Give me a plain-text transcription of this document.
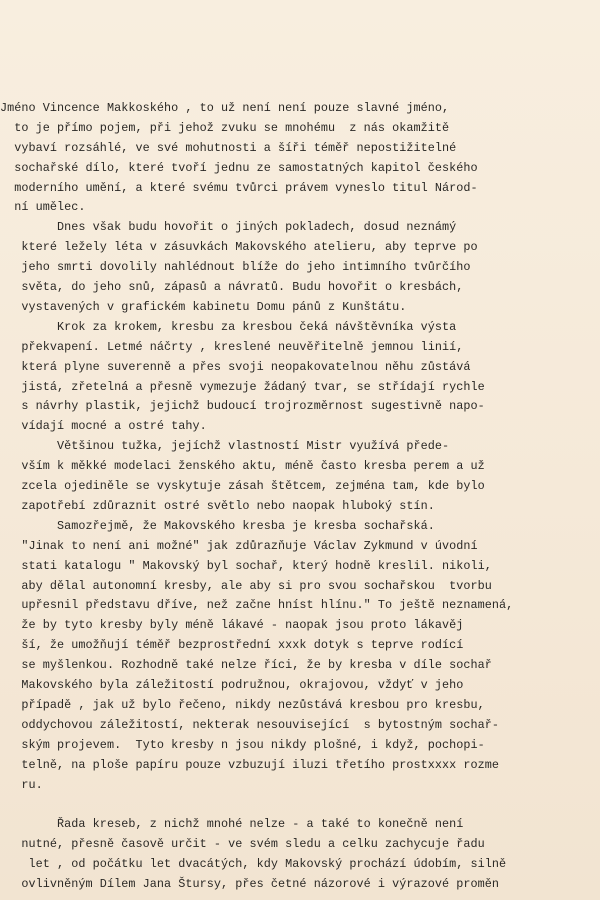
Jméno Vincence Makkoského , to už není není pouze slavné jméno,

to je přímo pojem, při jehož zvuku se mnohému  z nás okamžitě

vybaví rozsáhlé, ve své mohutnosti a šíři téměř nepostižitelné

sochařské dílo, které tvoří jednu ze samostatných kapitol českého

moderního umění, a které svému tvůrci právem vyneslo titul Národ-

ní umělec.

Dnes však budu hovořit o jiných pokladech, dosud neznámý

které ležely léta v zásuvkách Makovského atelieru, aby teprve po

jeho smrti dovolily nahlédnout blíže do jeho intimního tvůrčího

světa, do jeho snů, zápasů a návratů. Budu hovořit o kresbách,

vystavených v grafickém kabinetu Domu pánů z Kunštátu.

Krok za krokem, kresbu za kresbou čeká návštěvníka výsta

překvapení. Letmé náčrty , kreslené neuvěřitelně jemnou linií,

která plyne suverenně a přes svoji neopakovatelnou něhu zůstává

jistá, zřetelná a přesně vymezuje žádaný tvar, se střídají rychle

s návrhy plastik, jejichž budoucí trojrozměrnost sugestivně napo-

vídají mocné a ostré tahy.

Většinou tužka, jejíchž vlastností Mistr využívá přede-

vším k měkké modelaci ženského aktu, méně často kresba perem a už

zcela ojediněle se vyskytuje zásah štětcem, zejména tam, kde bylo

zapotřebí zdůraznit ostré světlo nebo naopak hluboký stín.

Samozřejmě, že Makovského kresba je kresba sochařská.

"Jinak to není ani možné" jak zdůrazňuje Václav Zykmund v úvodní

stati katalogu " Makovský byl sochař, který hodně kreslil. nikoli,

aby dělal autonomní kresby, ale aby si pro svou sochařskou  tvorbu

upřesnil představu dříve, než začne hníst hlínu." To ještě neznamená,

že by tyto kresby byly méně lákavé - naopak jsou proto lákavěj

ší, že umožňují téměř bezprostřední xxxk dotyk s teprve rodící

se myšlenkou. Rozhodně také nelze říci, že by kresba v díle sochař

Makovského byla záležitostí podružnou, okrajovou, vždyť v jeho

případě , jak už bylo řečeno, nikdy nezůstává kresbou pro kresbu,

oddychovou záležitostí, nekterak nesouvisející  s bytostným sochař-

ským projevem.  Tyto kresby n jsou nikdy plošné, i když, pochopi-

telně, na ploše papíru pouze vzbuzují iluzi třetího prostxxxx rozme

ru.

Řada kreseb, z nichž mnohé nelze - a také to konečně není

nutné, přesně časově určit - ve svém sledu a celku zachycuje řadu

let , od počátku let dvacátých, kdy Makovský prochází údobím, silně

ovlivněným Dílem Jana Štursy, přes četné názorové i výrazové proměn
